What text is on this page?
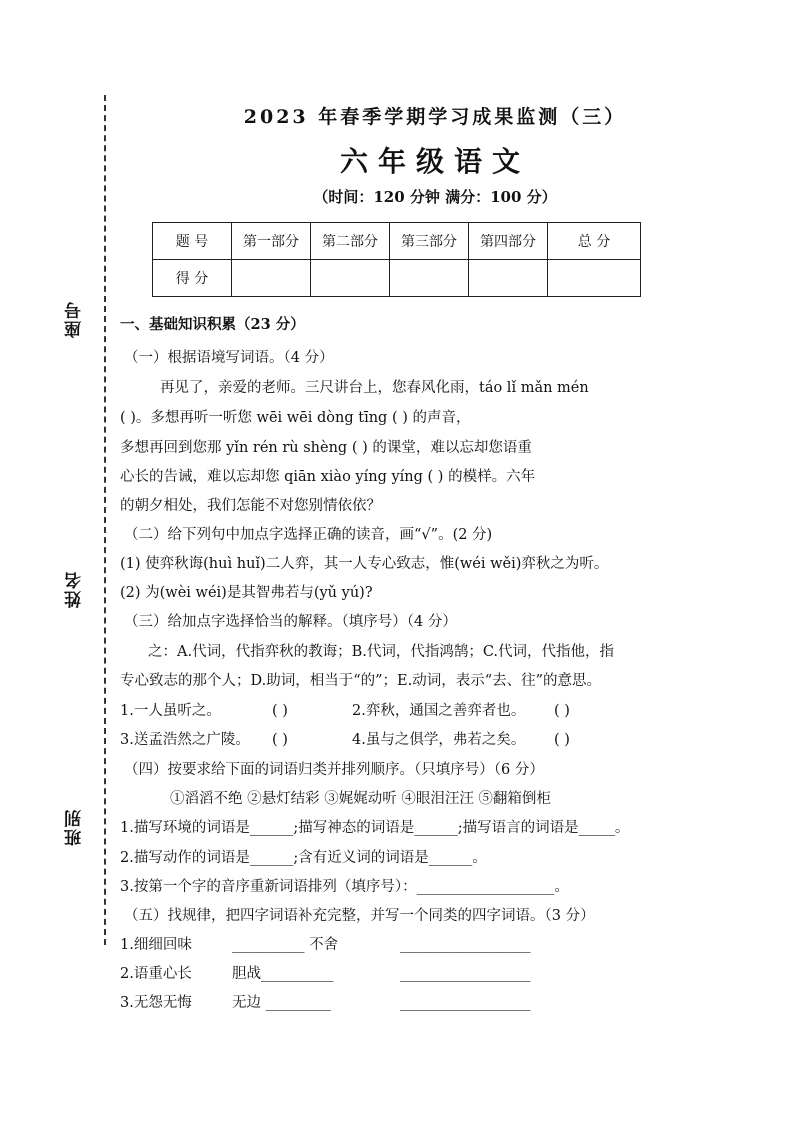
座号
姓名
班别
2023 年春季学期学习成果监测（三）
六年级语文
（时间：120 分钟 满分：100 分）
题 号	第一部分	第二部分	第三部分	第四部分	总 分
得 分					
一、基础知识积累（23 分）
（一）根据语境写词语。（4 分）
再见了，亲爱的老师。三尺讲台上，您春风化雨，táo lǐ mǎn mén
( )。多想再听一听您 wēi wēi dòng tīng ( ) 的声音，
多想再回到您那 yǐn rén rù shèng ( ) 的课堂，难以忘却您语重
心长的告诫，难以忘却您 qiān xiào yíng yíng ( ) 的模样。六年
的朝夕相处，我们怎能不对您别情依依？
（二）给下列句中加点字选择正确的读音，画“√”。(2 分)
(1) 使弈秋诲(huì huǐ)二人弈，其一人专心致志，惟(wéi wěi)弈秋之为听。
(2) 为(wèi wéi)是其智弗若与(yǔ yú)?
（三）给加点字选择恰当的解释。（填序号）（4 分）
之：A.代词，代指弈秋的教诲；B.代词，代指鸿鹄；C.代词，代指他，指
专心致志的那个人；D.助词，相当于“的”；E.动词，表示“去、往”的意思。
1.一人虽听之。	( )	2.弈秋，通国之善弈者也。 ( )
3.送孟浩然之广陵。 ( )	4.虽与之俱学，弗若之矣。 ( )
（四）按要求给下面的词语归类并排列顺序。（只填序号）（6 分）
①滔滔不绝 ②悬灯结彩 ③娓娓动听 ④眼泪汪汪 ⑤翻箱倒柜
1.描写环境的词语是______;描写神态的词语是______;描写语言的词语是_____。
2.描写动作的词语是______;含有近义词的词语是______。
3.按第一个字的音序重新词语排列（填序号）：___________________。
（五）找规律，把四字词语补充完整，并写一个同类的四字词语。（3 分）
1.细细回味	__________ 不舍	__________________
2.语重心长	胆战__________	__________________
3.无怨无悔	无边 _________	__________________
